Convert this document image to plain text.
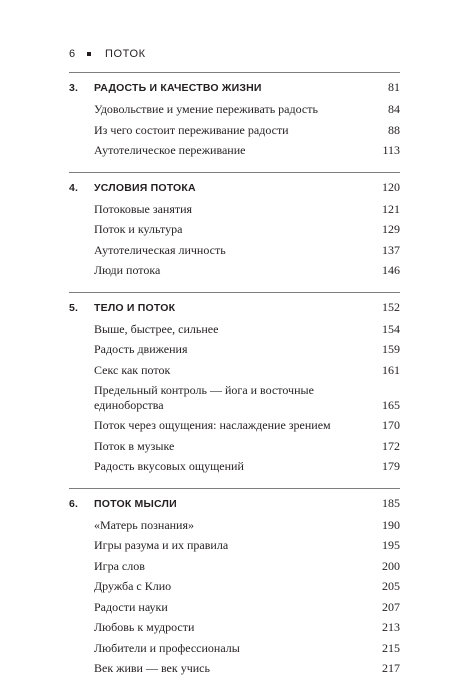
6	ПОТОК
3.	РАДОСТЬ И КАЧЕСТВО ЖИЗНИ	81
Удовольствие и умение переживать радость	84
Из чего состоит переживание радости	88
Аутотелическое переживание	113
4.	УСЛОВИЯ ПОТОКА	120
Потоковые занятия	121
Поток и культура	129
Аутотелическая личность	137
Люди потока	146
5.	ТЕЛО И ПОТОК	152
Выше, быстрее, сильнее	154
Радость движения	159
Секс как поток	161
Предельный контроль — йога и восточные единоборства	165
Поток через ощущения: наслаждение зрением	170
Поток в музыке	172
Радость вкусовых ощущений	179
6.	ПОТОК МЫСЛИ	185
«Матерь познания»	190
Игры разума и их правила	195
Игра слов	200
Дружба с Клио	205
Радости науки	207
Любовь к мудрости	213
Любители и профессионалы	215
Век живи — век учись	217
